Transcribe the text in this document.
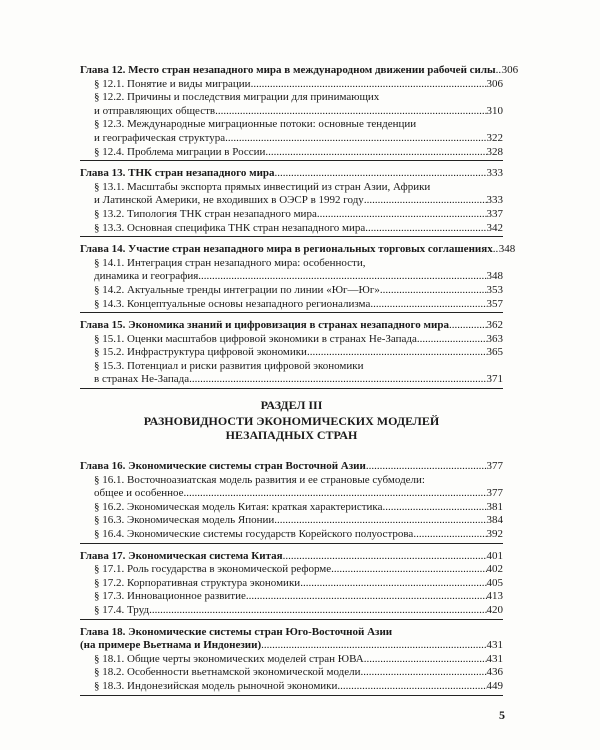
Глава 12. Место стран незападного мира в международном движении рабочей силы ..... 306
§ 12.1. Понятие и виды миграции .....	306
§ 12.2. Причины и последствия миграции для принимающих
и отправляющих обществ .....	310
§ 12.3. Международные миграционные потоки: основные тенденции
и географическая структура .....	322
§ 12.4. Проблема миграции в России .....	328
Глава 13. ТНК стран незападного мира .....	333
§ 13.1. Масштабы экспорта прямых инвестиций из стран Азии, Африки
и Латинской Америки, не входивших в ОЭСР в 1992 году .....	333
§ 13.2. Типология ТНК стран незападного мира .....	337
§ 13.3. Основная специфика ТНК стран незападного мира .....	342
Глава 14. Участие стран незападного мира в региональных торговых соглашениях ..... 348
§ 14.1. Интеграция стран незападного мира: особенности,
динамика и география .....	348
§ 14.2. Актуальные тренды интеграции по линии «Юг—Юг» .....	353
§ 14.3. Концептуальные основы незападного регионализма .....	357
Глава 15. Экономика знаний и цифровизация в странах незападного мира .....	362
§ 15.1. Оценки масштабов цифровой экономики в странах Не-Запада .....	363
§ 15.2. Инфраструктура цифровой экономики .....	365
§ 15.3. Потенциал и риски развития цифровой экономики
в странах Не-Запада .....	371
РАЗДЕЛ III
РАЗНОВИДНОСТИ ЭКОНОМИЧЕСКИХ МОДЕЛЕЙ
НЕЗАПАДНЫХ СТРАН
Глава 16. Экономические системы стран Восточной Азии .....	377
§ 16.1. Восточноазиатская модель развития и ее страновые субмодели:
общее и особенное .....	377
§ 16.2. Экономическая модель Китая: краткая характеристика .....	381
§ 16.3. Экономическая модель Японии .....	384
§ 16.4. Экономические системы государств Корейского полуострова .....	392
Глава 17. Экономическая система Китая .....	401
§ 17.1. Роль государства в экономической реформе .....	402
§ 17.2. Корпоративная структура экономики .....	405
§ 17.3. Инновационное развитие .....	413
§ 17.4. Труд .....	420
Глава 18. Экономические системы стран Юго-Восточной Азии
(на примере Вьетнама и Индонезии) .....	431
§ 18.1. Общие черты экономических моделей стран ЮВА .....	431
§ 18.2. Особенности вьетнамской экономической модели .....	436
§ 18.3. Индонезийская модель рыночной экономики .....	449
5
